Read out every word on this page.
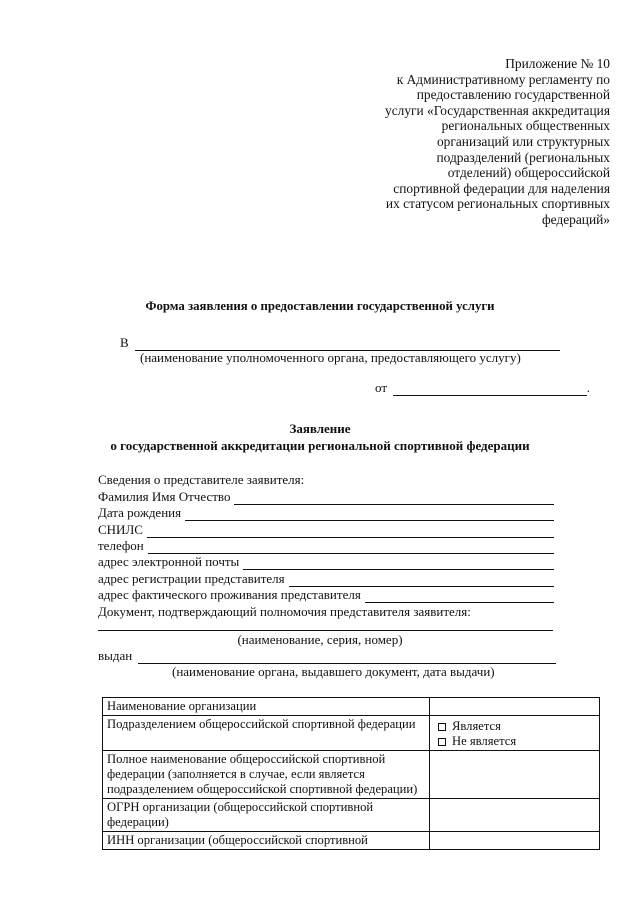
Приложение № 10
к Административному регламенту по
предоставлению государственной
услуги «Государственная аккредитация
региональных общественных
организаций или структурных
подразделений (региональных
отделений) общероссийской
спортивной федерации для наделения
их статусом региональных спортивных
федераций»
Форма заявления о предоставлении государственной услуги
В
(наименование уполномоченного органа, предоставляющего услугу)
от	.
Заявление
о государственной аккредитации региональной спортивной федерации
Сведения о представителе заявителя:
Фамилия Имя Отчество
Дата рождения
СНИЛС
телефон
адрес электронной почты
адрес регистрации представителя
адрес фактического проживания представителя
Документ, подтверждающий полномочия представителя заявителя:
(наименование, серия, номер)
выдан
(наименование органа, выдавшего документ, дата выдачи)
Наименование организации	
Подразделением общероссийской спортивной федерации	Является
Не является

Полное наименование общероссийской спортивной федерации (заполняется в случае, если является подразделением общероссийской спортивной федерации)	
ОГРН организации (общероссийской спортивной федерации)	
ИНН организации (общероссийской спортивной	
